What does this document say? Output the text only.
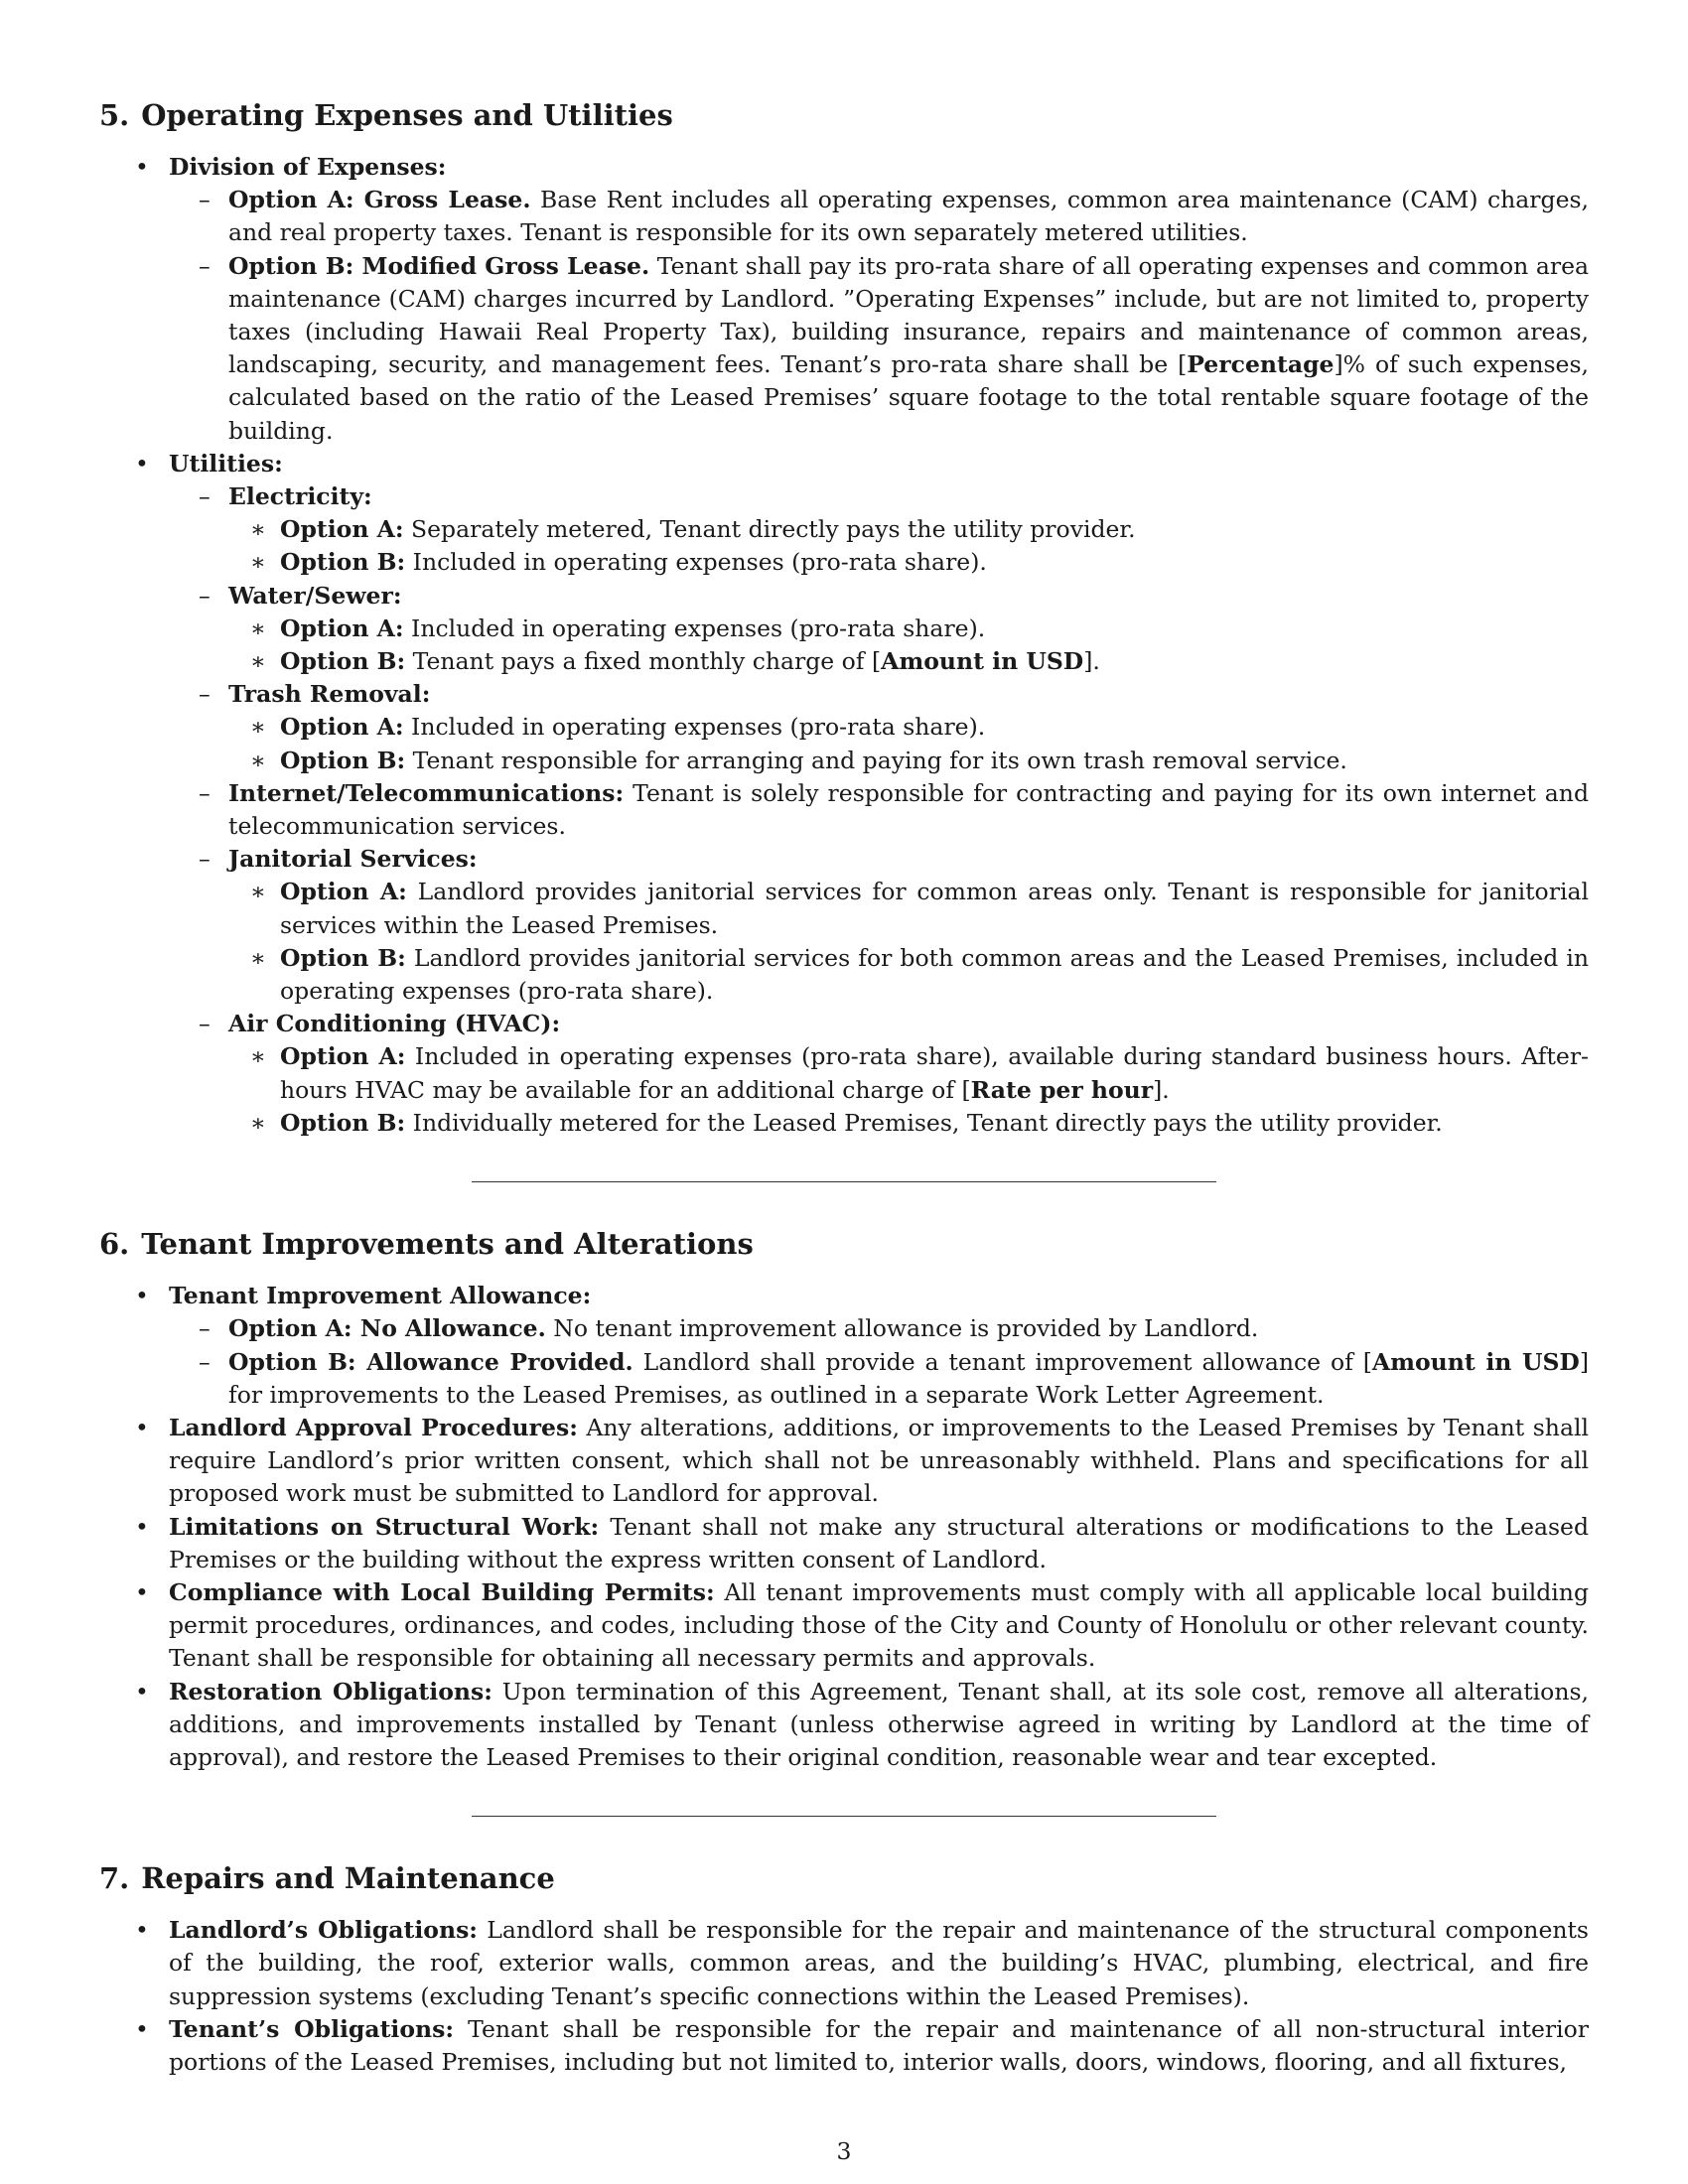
5. Operating Expenses and Utilities
• Division of Expenses:
– Option A: Gross Lease. Base Rent includes all operating expenses, common area maintenance (CAM) charges, and real property taxes. Tenant is responsible for its own separately metered utilities.
– Option B: Modified Gross Lease. Tenant shall pay its pro-rata share of all operating expenses and common area maintenance (CAM) charges incurred by Landlord. ”Operating Expenses” include, but are not limited to, property taxes (including Hawaii Real Property Tax), building insurance, repairs and maintenance of common areas, landscaping, security, and management fees. Tenant’s pro-rata share shall be [Percentage]% of such expenses, calculated based on the ratio of the Leased Premises’ square footage to the total rentable square footage of the building.
• Utilities:
– Electricity:
∗ Option A: Separately metered, Tenant directly pays the utility provider.
∗ Option B: Included in operating expenses (pro-rata share).
– Water/Sewer:
∗ Option A: Included in operating expenses (pro-rata share).
∗ Option B: Tenant pays a fixed monthly charge of [Amount in USD].
– Trash Removal:
∗ Option A: Included in operating expenses (pro-rata share).
∗ Option B: Tenant responsible for arranging and paying for its own trash removal service.
– Internet/Telecommunications: Tenant is solely responsible for contracting and paying for its own internet and telecommunication services.
– Janitorial Services:
∗ Option A: Landlord provides janitorial services for common areas only. Tenant is responsible for janitorial services within the Leased Premises.
∗ Option B: Landlord provides janitorial services for both common areas and the Leased Premises, included in operating expenses (pro-rata share).
– Air Conditioning (HVAC):
∗ Option A: Included in operating expenses (pro-rata share), available during standard business hours. After-hours HVAC may be available for an additional charge of [Rate per hour].
∗ Option B: Individually metered for the Leased Premises, Tenant directly pays the utility provider.
6. Tenant Improvements and Alterations
• Tenant Improvement Allowance:
– Option A: No Allowance. No tenant improvement allowance is provided by Landlord.
– Option B: Allowance Provided. Landlord shall provide a tenant improvement allowance of [Amount in USD] for improvements to the Leased Premises, as outlined in a separate Work Letter Agreement.
• Landlord Approval Procedures: Any alterations, additions, or improvements to the Leased Premises by Tenant shall require Landlord’s prior written consent, which shall not be unreasonably withheld. Plans and specifications for all proposed work must be submitted to Landlord for approval.
• Limitations on Structural Work: Tenant shall not make any structural alterations or modifications to the Leased Premises or the building without the express written consent of Landlord.
• Compliance with Local Building Permits: All tenant improvements must comply with all applicable local building permit procedures, ordinances, and codes, including those of the City and County of Honolulu or other relevant county. Tenant shall be responsible for obtaining all necessary permits and approvals.
• Restoration Obligations: Upon termination of this Agreement, Tenant shall, at its sole cost, remove all alterations, additions, and improvements installed by Tenant (unless otherwise agreed in writing by Landlord at the time of approval), and restore the Leased Premises to their original condition, reasonable wear and tear excepted.
7. Repairs and Maintenance
• Landlord’s Obligations: Landlord shall be responsible for the repair and maintenance of the structural components of the building, the roof, exterior walls, common areas, and the building’s HVAC, plumbing, electrical, and fire suppression systems (excluding Tenant’s specific connections within the Leased Premises).
• Tenant’s Obligations: Tenant shall be responsible for the repair and maintenance of all non-structural interior portions of the Leased Premises, including but not limited to, interior walls, doors, windows, flooring, and all fixtures,
3
